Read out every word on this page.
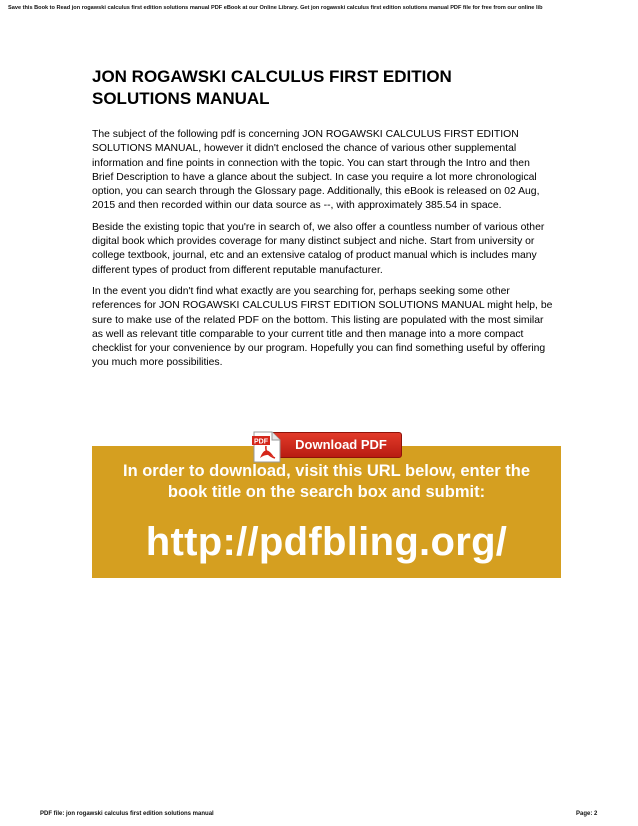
Save this Book to Read jon rogawski calculus first edition solutions manual PDF eBook at our Online Library. Get jon rogawski calculus first edition solutions manual PDF file for free from our online lib
JON ROGAWSKI CALCULUS FIRST EDITION
SOLUTIONS MANUAL

The subject of the following pdf is concerning JON ROGAWSKI CALCULUS FIRST EDITION SOLUTIONS MANUAL, however it didn't enclosed the chance of various other supplemental information and fine points in connection with the topic. You can start through the Intro and then Brief Description to have a glance about the subject. In case you require a lot more chronological option, you can search through the Glossary page. Additionally, this eBook is released on 02 Aug, 2015 and then recorded within our data source as --, with approximately 385.54 in space.

Beside the existing topic that you're in search of, we also offer a countless number of various other digital book which provides coverage for many distinct subject and niche. Start from university or college textbook, journal, etc and an extensive catalog of product manual which is includes many different types of product from different reputable manufacturer.

In the event you didn't find what exactly are you searching for, perhaps seeking some other references for JON ROGAWSKI CALCULUS FIRST EDITION SOLUTIONS MANUAL might help, be sure to make use of the related PDF on the bottom. This listing are populated with the most similar as well as relevant title comparable to your current title and then manage into a more compact checklist for your convenience by our program. Hopefully you can find something useful by offering you much more possibilities.

In order to download, visit this URL below, enter the
book title on the search box and submit:
http://pdfbling.org/
Download PDF
PDF
PDF file: jon rogawski calculus first edition solutions manual	Page: 2
